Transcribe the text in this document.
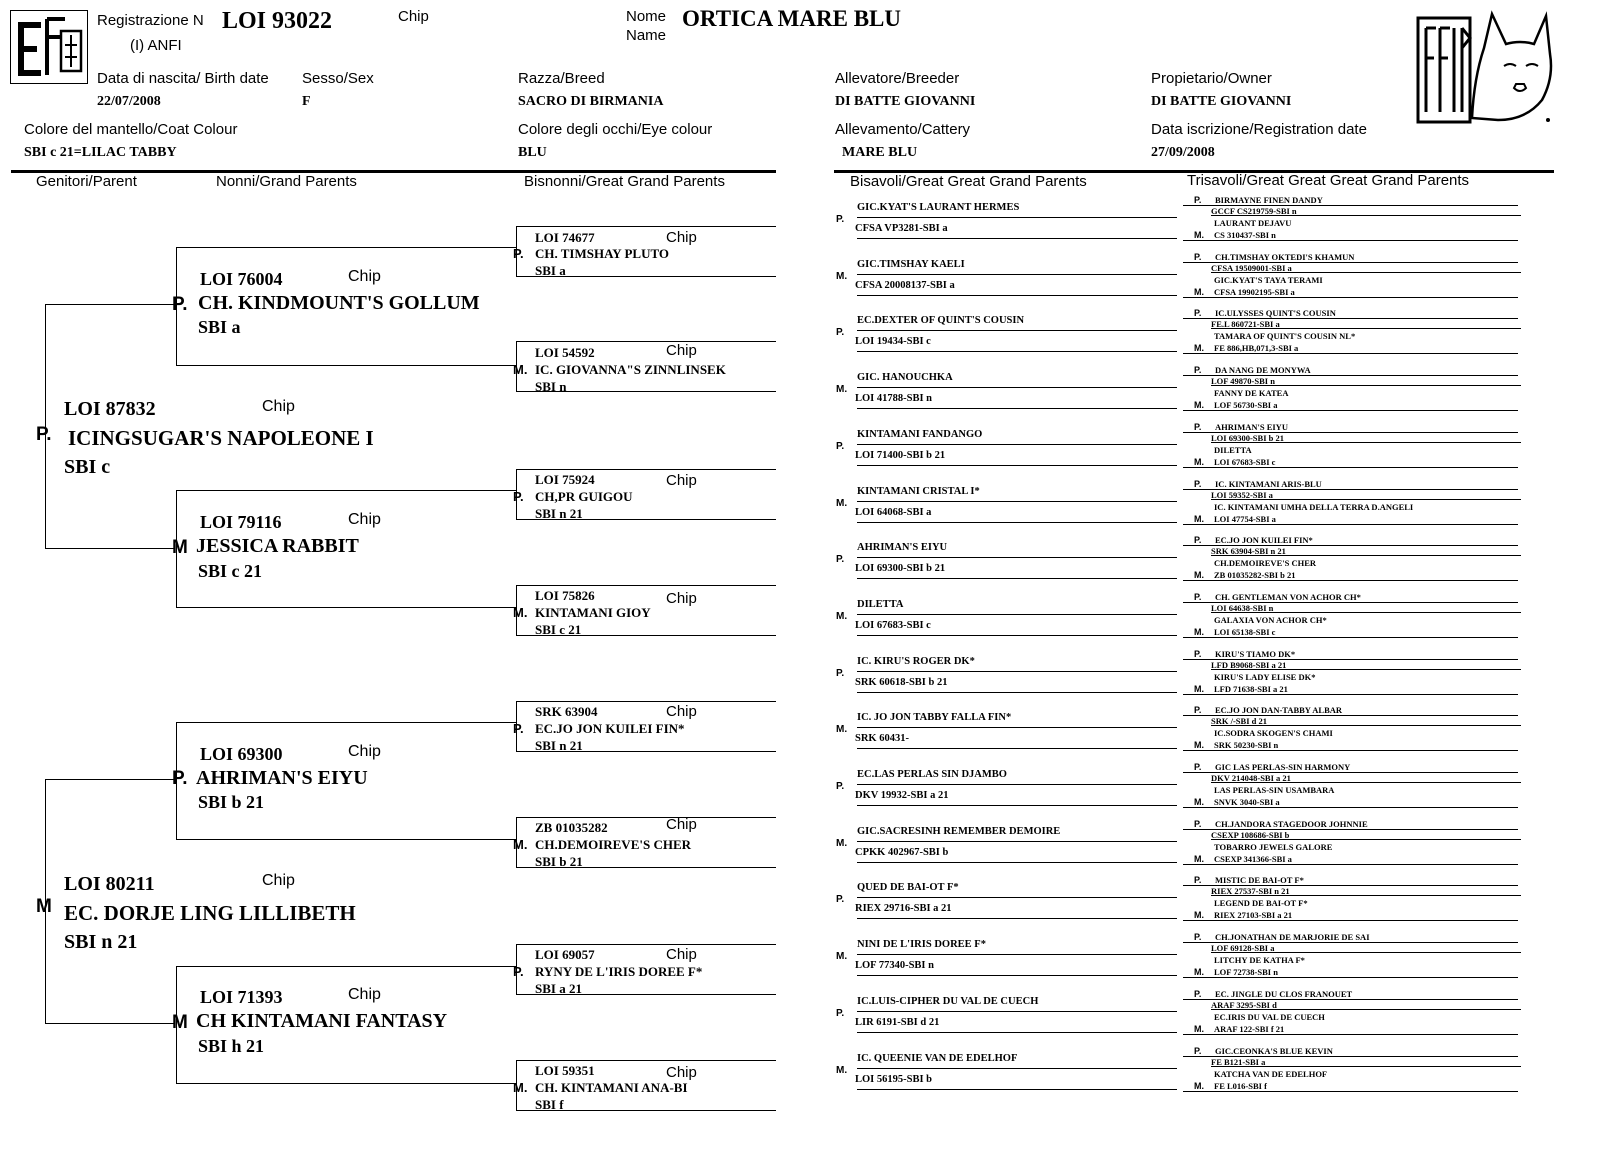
Registrazione N LOI 93022
(I) ANFI
Chip	Nome
Name
ORTICA MARE BLU
Data di nascita/ Birth date
22/07/2008
Sesso/Sex
F
Razza/Breed
SACRO DI BIRMANIA
Allevatore/Breeder
DI BATTE GIOVANNI
Propietario/Owner
DI BATTE GIOVANNI
Colore del mantello/Coat Colour
SBI c 21=LILAC TABBY
Colore degli occhi/Eye colour
BLU
Allevamento/Cattery
MARE BLU
Data iscrizione/Registration date
27/09/2008
Genitori/Parent	Nonni/Grand Parents	Bisnonni/Great Grand Parents	Bisavoli/Great Great Grand Parents	Trisavoli/Great Great Great Grand Parents
LOI 87832	Chip
P. ICINGSUGAR'S NAPOLEONE I
SBI c
LOI 80211	Chip
M EC. DORJE LING LILLIBETH
SBI n 21
LOI 76004	Chip
P. CH. KINDMOUNT'S GOLLUM
SBI a
LOI 79116	Chip
M JESSICA RABBIT
SBI c 21
LOI 69300	Chip
P. AHRIMAN'S EIYU
SBI b 21
LOI 71393	Chip
M CH KINTAMANI FANTASY
SBI h 21
LOI 74677	Chip
P. CH. TIMSHAY PLUTO
SBI a
LOI 54592	Chip
M. IC. GIOVANNA"S ZINNLINSEK
SBI n
LOI 75924	Chip
P. CH,PR GUIGOU
SBI n 21
LOI 75826	Chip
M. KINTAMANI GIOY
SBI c 21
SRK 63904	Chip
P. EC.JO JON KUILEI FIN*
SBI n 21
ZB 01035282	Chip
M. CH.DEMOIREVE'S CHER
SBI b 21
LOI 69057	Chip
P. RYNY DE L'IRIS DOREE F*
SBI a 21
LOI 59351	Chip
M. CH. KINTAMANI ANA-BI
SBI f
GIC.KYAT'S LAURANT HERMES
P.
CFSA VP3281-SBI a
GIC.TIMSHAY KAELI
M.
CFSA 20008137-SBI a
EC.DEXTER OF QUINT'S COUSIN
P.
LOI 19434-SBI c
GIC. HANOUCHKA
M.
LOI 41788-SBI n
KINTAMANI FANDANGO
P.
LOI 71400-SBI b 21
KINTAMANI CRISTAL I*
M.
LOI 64068-SBI a
AHRIMAN'S EIYU
P.
LOI 69300-SBI b 21
DILETTA
M.
LOI 67683-SBI c
IC. KIRU'S ROGER DK*
P.
SRK 60618-SBI b 21
IC. JO JON TABBY FALLA FIN*
M.
SRK 60431-
EC.LAS PERLAS SIN DJAMBO
P.
DKV 19932-SBI a 21
GIC.SACRESINH REMEMBER DEMOIRE
M.
CPKK 402967-SBI b
QUED DE BAI-OT F*
P.
RIEX 29716-SBI a 21
NINI DE L'IRIS DOREE F*
M.
LOF 77340-SBI n
IC.LUIS-CIPHER DU VAL DE CUECH
P.
LIR 6191-SBI d 21
IC. QUEENIE VAN DE EDELHOF
M.
LOI 56195-SBI b
P. BIRMAYNE FINEN DANDY
GCCF CS219759-SBI n
LAURANT DEJAVU
M. CS 310437-SBI n
P. CH.TIMSHAY OKTEDI'S KHAMUN
CFSA 19509001-SBI a
GIC.KYAT'S TAYA TERAMI
M. CFSA 19902195-SBI a
P. IC.ULYSSES QUINT'S COUSIN
FE.L 860721-SBI a
TAMARA OF QUINT'S COUSIN NL*
M. FE 886,HB,071,3-SBI a
P. DA NANG DE MONYWA
LOF 49870-SBI n
FANNY DE KATEA
M. LOF 56730-SBI a
P. AHRIMAN'S EIYU
LOI 69300-SBI b 21
DILETTA
M. LOI 67683-SBI c
P. IC. KINTAMANI ARIS-BLU
LOI 59352-SBI a
IC. KINTAMANI UMHA DELLA TERRA D.ANGELI
M. LOI 47754-SBI a
P. EC.JO JON KUILEI FIN*
SRK 63904-SBI n 21
CH.DEMOIREVE'S CHER
M. ZB 01035282-SBI b 21
P. CH. GENTLEMAN VON ACHOR CH*
LOI 64638-SBI n
GALAXIA VON ACHOR CH*
M. LOI 65138-SBI c
P. KIRU'S TIAMO DK*
LFD B9068-SBI a 21
KIRU'S LADY ELISE DK*
M. LFD 71638-SBI a 21
P. EC.JO JON DAN-TABBY ALBAR
SRK /-SBI d 21
IC.SODRA SKOGEN'S CHAMI
M. SRK 50230-SBI n
P. GIC LAS PERLAS-SIN HARMONY
DKV 214048-SBI a 21
LAS PERLAS-SIN USAMBARA
M. SNVK 3040-SBI a
P. CH.JANDORA STAGEDOOR JOHNNIE
CSEXP 108686-SBI b
TOBARRO JEWELS GALORE
M. CSEXP 341366-SBI a
P. MISTIC DE BAI-OT F*
RIEX 27537-SBI n 21
LEGEND DE BAI-OT F*
M. RIEX 27103-SBI a 21
P. CH.JONATHAN DE MARJORIE DE SAI
LOF 69128-SBI a
LITCHY DE KATHA F*
M. LOF 72738-SBI n
P. EC. JINGLE DU CLOS FRANOUET
ARAF 3295-SBI d
EC.IRIS DU VAL DE CUECH
M. ARAF 122-SBI f 21
P. GIC.CEONKA'S BLUE KEVIN
FE B121-SBI a
KATCHA VAN DE EDELHOF
M. FE L016-SBI f
